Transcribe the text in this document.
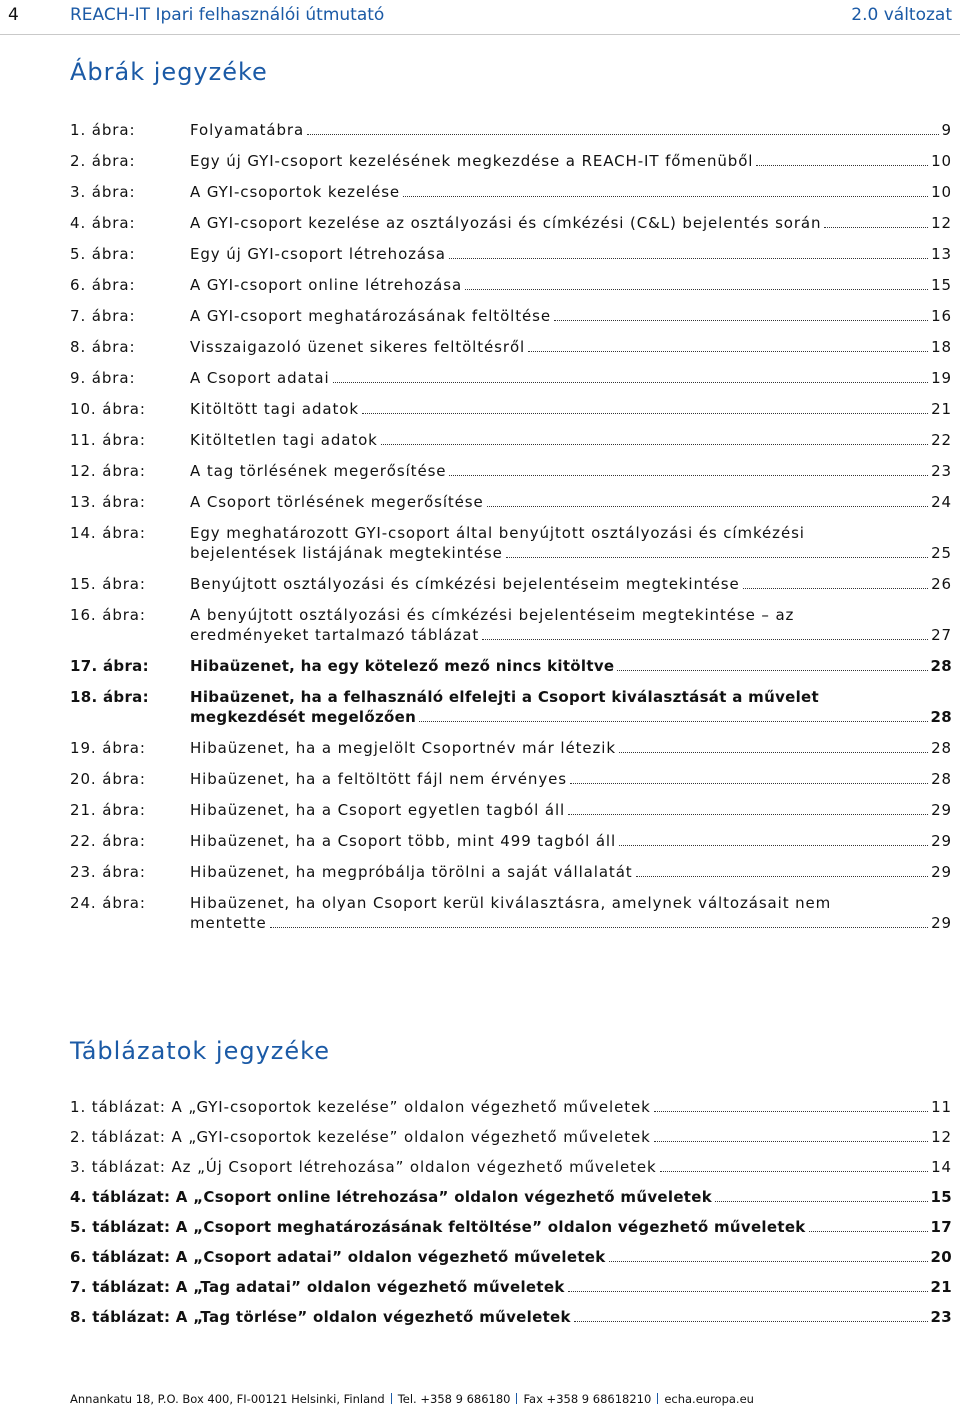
4	REACH-IT Ipari felhasználói útmutató	2.0 változat
Ábrák jegyzéke
1. ábra:	Folyamatábra	9
2. ábra:	Egy új GYI-csoport kezelésének megkezdése a REACH-IT főmenüből	10
3. ábra:	A GYI-csoportok kezelése	10
4. ábra:	A GYI-csoport kezelése az osztályozási és címkézési (C&L) bejelentés során	12
5. ábra:	Egy új GYI-csoport létrehozása	13
6. ábra:	A GYI-csoport online létrehozása	15
7. ábra:	A GYI-csoport meghatározásának feltöltése	16
8. ábra:	Visszaigazoló üzenet sikeres feltöltésről	18
9. ábra:	A Csoport adatai	19
10. ábra:	Kitöltött tagi adatok	21
11. ábra:	Kitöltetlen tagi adatok	22
12. ábra:	A tag törlésének megerősítése	23
13. ábra:	A Csoport törlésének megerősítése	24
14. ábra:	Egy meghatározott GYI-csoport által benyújtott osztályozási és címkézési
bejelentések listájának megtekintése	25
15. ábra:	Benyújtott osztályozási és címkézési bejelentéseim megtekintése	26
16. ábra:	A benyújtott osztályozási és címkézési bejelentéseim megtekintése – az
eredményeket tartalmazó táblázat	27
17. ábra:	Hibaüzenet, ha egy kötelező mező nincs kitöltve	28
18. ábra:	Hibaüzenet, ha a felhasználó elfelejti a Csoport kiválasztását a művelet
megkezdését megelőzően	28
19. ábra:	Hibaüzenet, ha a megjelölt Csoportnév már létezik	28
20. ábra:	Hibaüzenet, ha a feltöltött fájl nem érvényes	28
21. ábra:	Hibaüzenet, ha a Csoport egyetlen tagból áll	29
22. ábra:	Hibaüzenet, ha a Csoport több, mint 499 tagból áll	29
23. ábra:	Hibaüzenet, ha megpróbálja törölni a saját vállalatát	29
24. ábra:	Hibaüzenet, ha olyan Csoport kerül kiválasztásra, amelynek változásait nem
mentette	29
Táblázatok jegyzéke
1. táblázat: A „GYI-csoportok kezelése” oldalon végezhető műveletek	11
2. táblázat: A „GYI-csoportok kezelése” oldalon végezhető műveletek	12
3. táblázat: Az „Új Csoport létrehozása” oldalon végezhető műveletek	14
4. táblázat: A „Csoport online létrehozása” oldalon végezhető műveletek	15
5. táblázat: A „Csoport meghatározásának feltöltése” oldalon végezhető műveletek	17
6. táblázat: A „Csoport adatai” oldalon végezhető műveletek	20
7. táblázat: A „Tag adatai” oldalon végezhető műveletek	21
8. táblázat: A „Tag törlése” oldalon végezhető műveletek	23
Annankatu 18, P.O. Box 400, FI-00121 Helsinki, Finland Tel. +358 9 686180 Fax +358 9 68618210 echa.europa.eu
